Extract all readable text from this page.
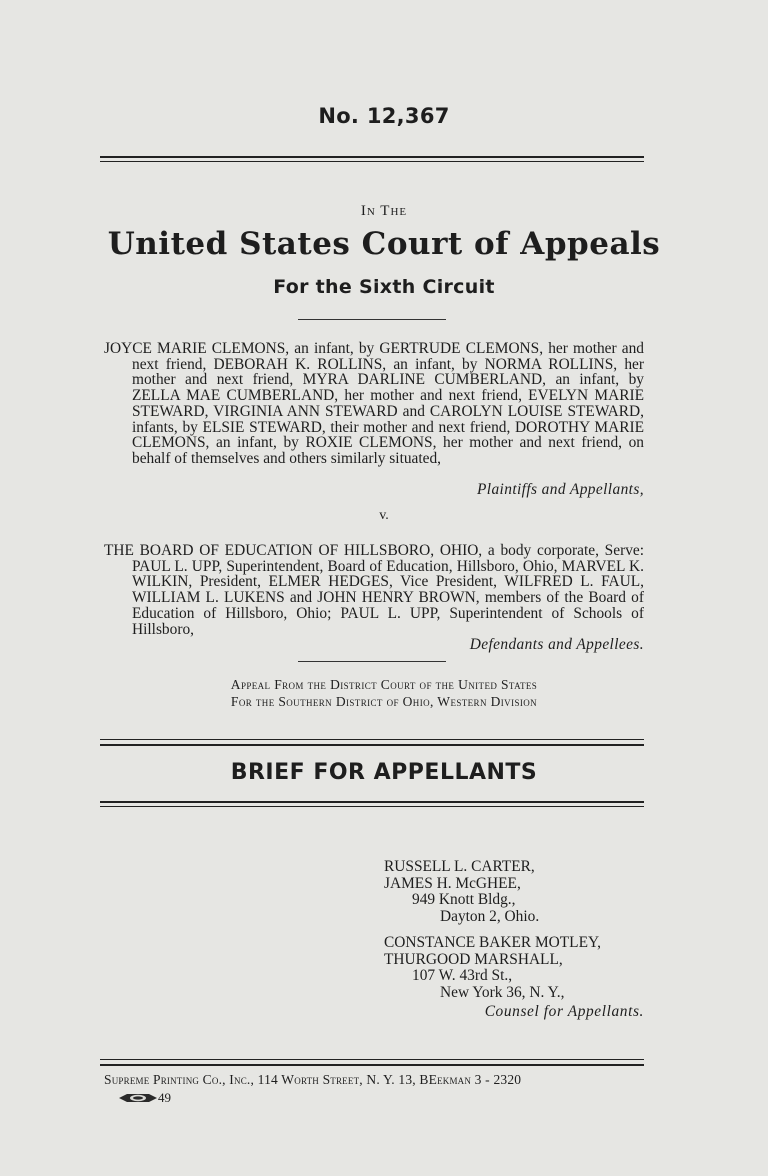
No. 12,367
In The
United States Court of Appeals
For the Sixth Circuit
JOYCE MARIE CLEMONS, an infant, by GERTRUDE CLEMONS, her mother and next friend, DEBORAH K. ROLLINS, an infant, by NORMA ROLLINS, her mother and next friend, MYRA DARLINE CUMBERLAND, an infant, by ZELLA MAE CUMBERLAND, her mother and next friend, EVELYN MARIE STEWARD, VIRGINIA ANN STEWARD and CAROLYN LOUISE STEWARD, infants, by ELSIE STEWARD, their mother and next friend, DOROTHY MARIE CLEMONS, an infant, by ROXIE CLEMONS, her mother and next friend, on behalf of themselves and others similarly situated,
Plaintiffs and Appellants,
v.
THE BOARD OF EDUCATION OF HILLSBORO, OHIO, a body corporate, Serve: PAUL L. UPP, Superintendent, Board of Education, Hillsboro, Ohio, MARVEL K. WILKIN, President, ELMER HEDGES, Vice President, WILFRED L. FAUL, WILLIAM L. LUKENS and JOHN HENRY BROWN, members of the Board of Education of Hillsboro, Ohio; PAUL L. UPP, Superintendent of Schools of Hillsboro,
Defendants and Appellees.
Appeal From the District Court of the United States
For the Southern District of Ohio, Western Division
BRIEF FOR APPELLANTS
RUSSELL L. CARTER,
JAMES H. McGHEE,
949 Knott Bldg.,
Dayton 2, Ohio.
CONSTANCE BAKER MOTLEY,
THURGOOD MARSHALL,
107 W. 43rd St.,
New York 36, N. Y.,
Counsel for Appellants.
Supreme Printing Co., Inc., 114 Worth Street, N. Y. 13, BEekman 3 - 2320
49
